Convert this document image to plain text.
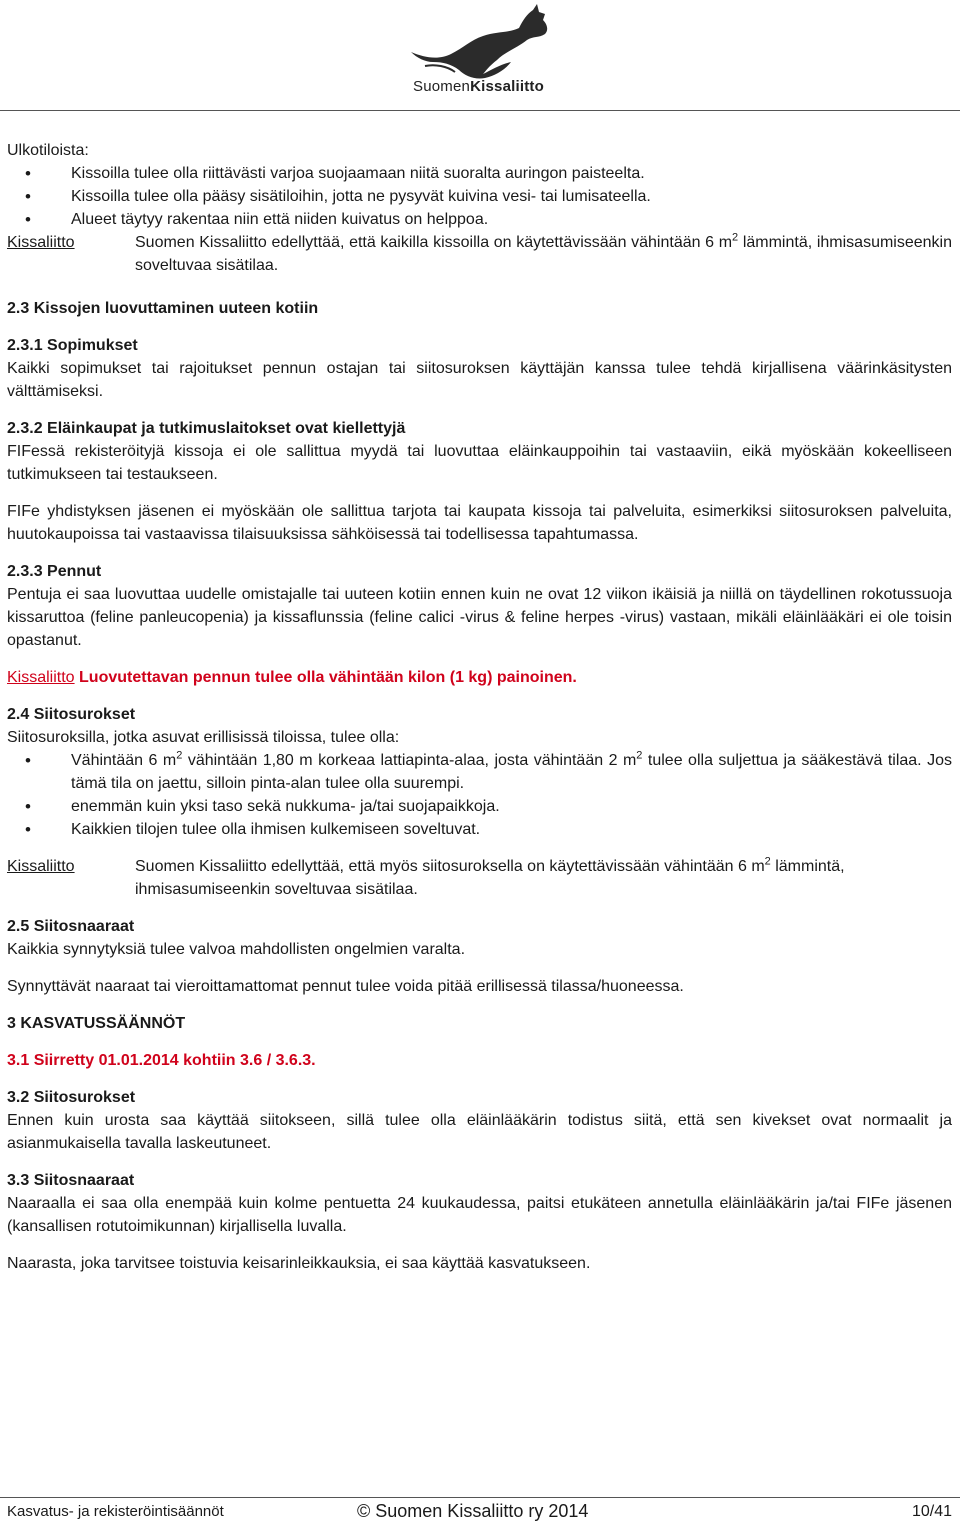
SuomenKissaliitto

Ulkotiloista:

• Kissoilla tulee olla riittävästi varjoa suojaamaan niitä suoralta auringon paisteelta.
• Kissoilla tulee olla pääsy sisätiloihin, jotta ne pysyvät kuivina vesi- tai lumisateella.
• Alueet täytyy rakentaa niin että niiden kuivatus on helppoa.
Kissaliitto	Suomen Kissaliitto edellyttää, että kaikilla kissoilla on käytettävissään vähintään 6 $m^2$ lämmintä, ihmisasumiseenkin soveltuvaa sisätilaa.
2.3 Kissojen luovuttaminen uuteen kotiin
2.3.1 Sopimukset

Kaikki sopimukset tai rajoitukset pennun ostajan tai siitosuroksen käyttäjän kanssa tulee tehdä kirjallisena väärinkäsitysten välttämiseksi.

2.3.2 Eläinkaupat ja tutkimuslaitokset ovat kiellettyjä

FIFessä rekisteröityjä kissoja ei ole sallittua myydä tai luovuttaa eläinkauppoihin tai vastaaviin, eikä myöskään kokeelliseen tutkimukseen tai testaukseen.

FIFe yhdistyksen jäsenen ei myöskään ole sallittua tarjota tai kaupata kissoja tai palveluita, esimerkiksi siitosuroksen palveluita, huutokaupoissa tai vastaavissa tilaisuuksissa sähköisessä tai todellisessa tapahtumassa.

2.3.3 Pennut

Pentuja ei saa luovuttaa uudelle omistajalle tai uuteen kotiin ennen kuin ne ovat 12 viikon ikäisiä ja niillä on täydellinen rokotussuoja kissaruttoa (feline panleucopenia) ja kissaflunssia (feline calici -virus & feline herpes -virus) vastaan, mikäli eläinlääkäri ei ole toisin opastanut.

Kissaliitto Luovutettavan pennun tulee olla vähintään kilon (1 kg) painoinen.

2.4 Siitosurokset

Siitosuroksilla, jotka asuvat erillisissä tiloissa, tulee olla:

• Vähintään 6 $m^2$ vähintään 1,80 m korkeaa lattiapinta-alaa, josta vähintään 2 $m^2$ tulee olla suljettua ja sääkestävä tilaa. Jos tämä tila on jaettu, silloin pinta-alan tulee olla suurempi.
• enemmän kuin yksi taso sekä nukkuma- ja/tai suojapaikkoja.
• Kaikkien tilojen tulee olla ihmisen kulkemiseen soveltuvat.
Kissaliitto	Suomen Kissaliitto edellyttää, että myös siitosuroksella on käytettävissään vähintään 6 $m^2$ lämmintä, ihmisasumiseenkin soveltuvaa sisätilaa.
2.5 Siitosnaaraat

Kaikkia synnytyksiä tulee valvoa mahdollisten ongelmien varalta.

Synnyttävät naaraat tai vieroittamattomat pennut tulee voida pitää erillisessä tilassa/huoneessa.

3 KASVATUSSÄÄNNÖT
3.1 Siirretty 01.01.2014 kohtiin 3.6 / 3.6.3.
3.2 Siitosurokset

Ennen kuin urosta saa käyttää siitokseen, sillä tulee olla eläinlääkärin todistus siitä, että sen kivekset ovat normaalit ja asianmukaisella tavalla laskeutuneet.

3.3 Siitosnaaraat

Naaraalla ei saa olla enempää kuin kolme pentuetta 24 kuukaudessa, paitsi etukäteen annetulla eläinlääkärin ja/tai FIFe jäsenen (kansallisen rotutoimikunnan) kirjallisella luvalla.

Naarasta, joka tarvitsee toistuvia keisarinleikkauksia, ei saa käyttää kasvatukseen.

Kasvatus- ja rekisteröintisäännöt	© Suomen Kissaliitto ry 2014	10/41
